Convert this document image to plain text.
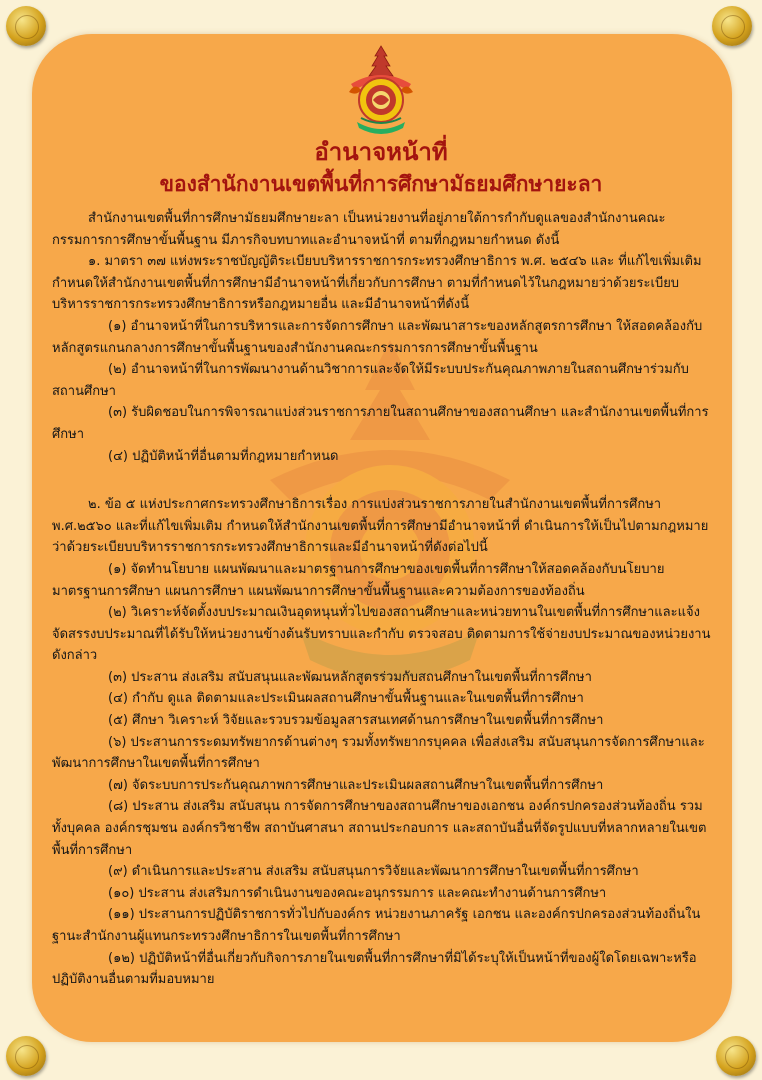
อำนาจหน้าที่
ของสำนักงานเขตพื้นที่การศึกษามัธยมศึกษายะลา

สำนักงานเขตพื้นที่การศึกษามัธยมศึกษายะลา เป็นหน่วยงานที่อยู่ภายใต้การกำกับดูแลของสำนักงานคณะกรรมการการศึกษาขั้นพื้นฐาน มีภารกิจบทบาทและอำนาจหน้าที่ ตามที่กฎหมายกำหนด ดังนี้

๑. มาตรา ๓๗ แห่งพระราชบัญญัติระเบียบบริหารราชการกระทรวงศึกษาธิการ พ.ศ. ๒๕๔๖ และ ที่แก้ไขเพิ่มเติม กำหนดให้สำนักงานเขตพื้นที่การศึกษามีอำนาจหน้าที่เกี่ยวกับการศึกษา ตามที่กำหนดไว้ในกฎหมายว่าด้วยระเบียบบริหารราชการกระทรวงศึกษาธิการหรือกฎหมายอื่น และมีอำนาจหน้าที่ดังนี้

(๑) อำนาจหน้าที่ในการบริหารและการจัดการศึกษา และพัฒนาสาระของหลักสูตรการศึกษา ให้สอดคล้องกับหลักสูตรแกนกลางการศึกษาขั้นพื้นฐานของสำนักงานคณะกรรมการการศึกษาขั้นพื้นฐาน

(๒) อำนาจหน้าที่ในการพัฒนางานด้านวิชาการและจัดให้มีระบบประกันคุณภาพภายในสถานศึกษาร่วมกับสถานศึกษา

(๓) รับผิดชอบในการพิจารณาแบ่งส่วนราชการภายในสถานศึกษาของสถานศึกษา และสำนักงานเขตพื้นที่การศึกษา

(๔) ปฏิบัติหน้าที่อื่นตามที่กฎหมายกำหนด

๒. ข้อ ๕ แห่งประกาศกระทรวงศึกษาธิการเรื่อง การแบ่งส่วนราชการภายในสำนักงานเขตพื้นที่การศึกษา พ.ศ.๒๕๖๐ และที่แก้ไขเพิ่มเติม กำหนดให้สำนักงานเขตพื้นที่การศึกษามีอำนาจหน้าที่ ดำเนินการให้เป็นไปตามกฎหมายว่าด้วยระเบียบบริหารราชการกระทรวงศึกษาธิการและมีอำนาจหน้าที่ดังต่อไปนี้

(๑) จัดทำนโยบาย แผนพัฒนาและมาตรฐานการศึกษาของเขตพื้นที่การศึกษาให้สอดคล้องกับนโยบาย มาตรฐานการศึกษา แผนการศึกษา แผนพัฒนาการศึกษาขั้นพื้นฐานและความต้องการของท้องถิ่น

(๒) วิเคราะห์จัดตั้งงบประมาณเงินอุดหนุนทั่วไปของสถานศึกษาและหน่วยทานในเขตพื้นที่การศึกษาและแจ้งจัดสรรงบประมาณที่ได้รับให้หน่วยงานข้างต้นรับทราบและกำกับ ตรวจสอบ ติดตามการใช้จ่ายงบประมาณของหน่วยงานดังกล่าว

(๓) ประสาน ส่งเสริม สนับสนุนและพัฒนหลักสูตรร่วมกับสถนศึกษาในเขตพื้นที่การศึกษา

(๔) กำกับ ดูแล ติดตามและประเมินผลสถานศึกษาขั้นพื้นฐานและในเขตพื้นที่การศึกษา

(๕) ศึกษา วิเคราะห์ วิจัยและรวบรวมข้อมูลสารสนเทศด้านการศึกษาในเขตพื้นที่การศึกษา

(๖) ประสานการระดมทรัพยากรด้านต่างๆ รวมทั้งทรัพยากรบุคคล เพื่อส่งเสริม สนับสนุนการจัดการศึกษาและพัฒนาการศึกษาในเขตพื้นที่การศึกษา

(๗) จัดระบบการประกันคุณภาพการศึกษาและประเมินผลสถานศึกษาในเขตพื้นที่การศึกษา

(๘) ประสาน ส่งเสริม สนับสนุน การจัดการศึกษาของสถานศึกษาของเอกชน องค์กรปกครองส่วนท้องถิ่น รวมทั้งบุคคล องค์กรชุมชน องค์กรวิชาชีพ สถาบันศาสนา สถานประกอบการ และสถาบันอื่นที่จัดรูปแบบที่หลากหลายในเขตพื้นที่การศึกษา

(๙) ดำเนินการและประสาน ส่งเสริม สนับสนุนการวิจัยและพัฒนาการศึกษาในเขตพื้นที่การศึกษา

(๑๐) ประสาน ส่งเสริมการดำเนินงานของคณะอนุกรรมการ และคณะทำงานด้านการศึกษา

(๑๑) ประสานการปฏิบัติราชการทั่วไปกับองค์กร หน่วยงานภาครัฐ เอกชน และองค์กรปกครองส่วนท้องถิ่นในฐานะสำนักงานผู้แทนกระทรวงศึกษาธิการในเขตพื้นที่การศึกษา

(๑๒) ปฏิบัติหน้าที่อื่นเกี่ยวกับกิจการภายในเขตพื้นที่การศึกษาที่มิได้ระบุให้เป็นหน้าที่ของผู้ใดโดยเฉพาะหรือปฏิบัติงานอื่นตามที่มอบหมาย
